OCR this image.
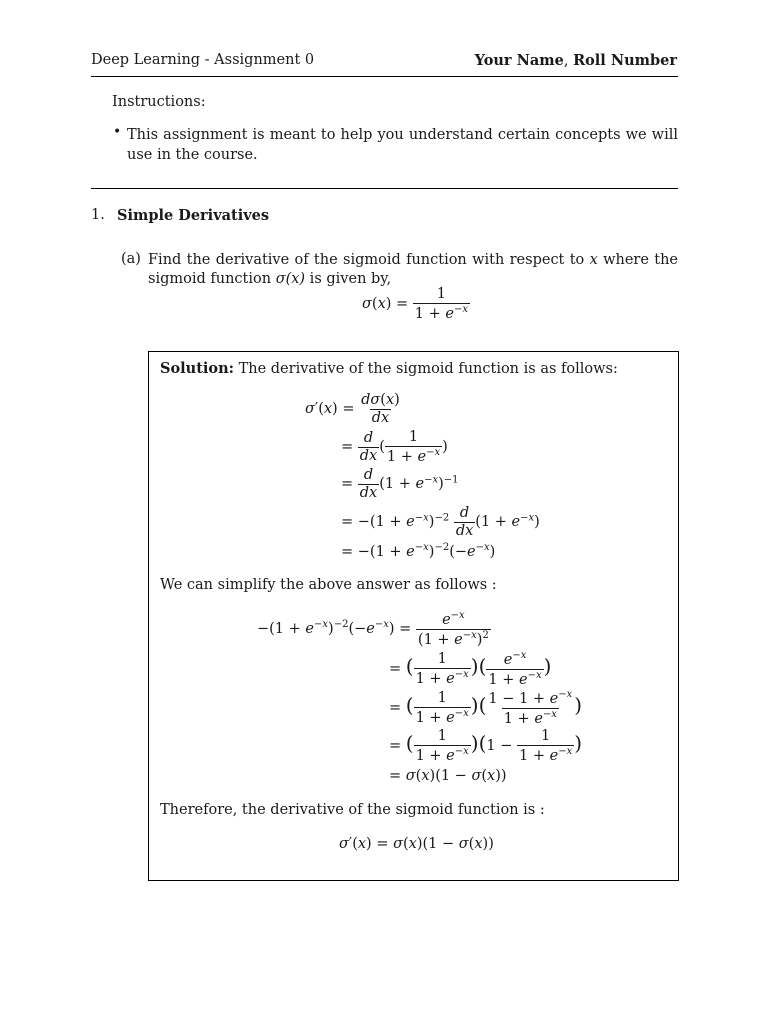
Deep Learning - Assignment 0	Your Name, Roll Number
Instructions:
• This assignment is meant to help you understand certain concepts we will use in the course.
1. Simple Derivatives
(a) Find the derivative of the sigmoid function with respect to x where the sigmoid function σ(x) is given by,
$\sigma(x) = \frac{1}{1 + e^{-x}}$
Solution: The derivative of the sigmoid function is as follows:
$\sigma'(x) = \frac{d\sigma(x)}{dx}$
= $\frac{d}{dx}$ ( $\frac{1}{1 + e^{-x}}$ )
= $\frac{d}{dx} (1 + e^{-x})^{-1}$
= $-(1 + e^{-x})^{-2} \frac{d}{dx} (1 + e^{-x})$
= $-(1 + e^{-x})^{-2}(-e^{-x})$
We can simplify the above answer as follows :
$-(1 + e^{-x})^{-2}(-e^{-x}) = \frac{e^{-x}}{(1 + e^{-x})^2}$
= ( $\frac{1}{1 + e^{-x}}$ )( $\frac{e^{-x}}{1 + e^{-x}}$ )
= ( $\frac{1}{1 + e^{-x}}$ )( $\frac{1 - 1 + e^{-x}}{1 + e^{-x}}$ )
= ( $\frac{1}{1 + e^{-x}} )(1 - \frac{1}{1 + e^{-x}}$ )
= σ(x)(1 − σ(x))
Therefore, the derivative of the sigmoid function is :
σ′(x) = σ(x)(1 − σ(x))
